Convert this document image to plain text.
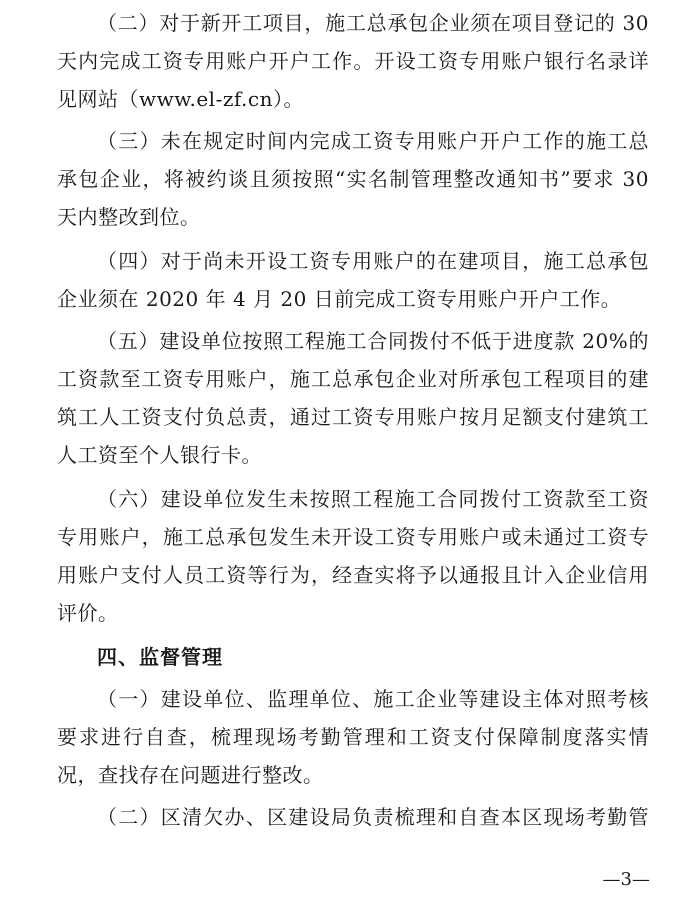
（二）对于新开工项目，施工总承包企业须在项目登记的 30
天内完成工资专用账户开户工作。开设工资专用账户银行名录详
见网站（www.el-zf.cn）。
（三）未在规定时间内完成工资专用账户开户工作的施工总
承包企业，将被约谈且须按照“实名制管理整改通知书”要求 30
天内整改到位。
（四）对于尚未开设工资专用账户的在建项目，施工总承包
企业须在 2020 年 4 月 20 日前完成工资专用账户开户工作。
（五）建设单位按照工程施工合同拨付不低于进度款 20%的
工资款至工资专用账户，施工总承包企业对所承包工程项目的建
筑工人工资支付负总责，通过工资专用账户按月足额支付建筑工
人工资至个人银行卡。
（六）建设单位发生未按照工程施工合同拨付工资款至工资
专用账户，施工总承包发生未开设工资专用账户或未通过工资专
用账户支付人员工资等行为，经查实将予以通报且计入企业信用
评价。
四、监督管理
（一）建设单位、监理单位、施工企业等建设主体对照考核
要求进行自查，梳理现场考勤管理和工资支付保障制度落实情
况，查找存在问题进行整改。
（二）区清欠办、区建设局负责梳理和自查本区现场考勤管
—3—
